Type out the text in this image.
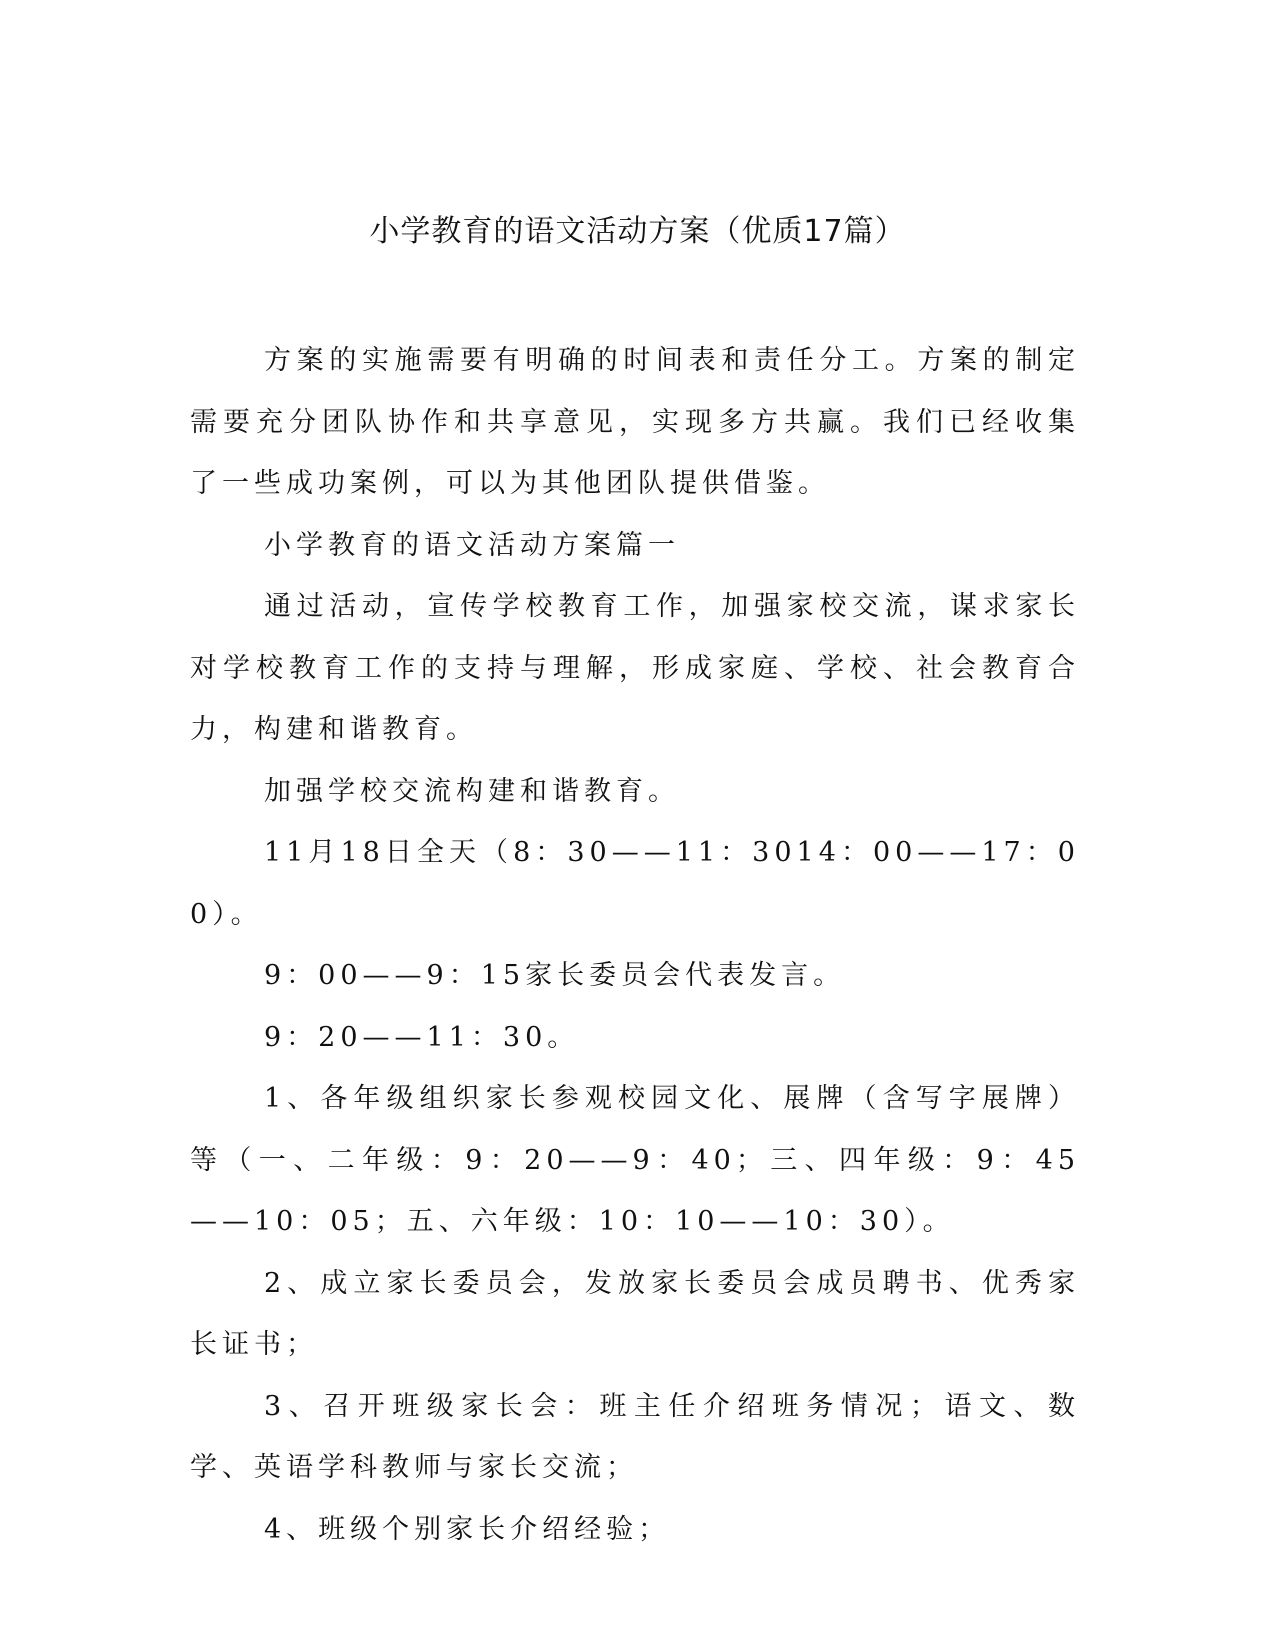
小学教育的语文活动方案（优质17篇）

方案的实施需要有明确的时间表和责任分工。方案的制定需要充分团队协作和共享意见，实现多方共赢。我们已经收集了一些成功案例，可以为其他团队提供借鉴。

小学教育的语文活动方案篇一

通过活动，宣传学校教育工作，加强家校交流，谋求家长对学校教育工作的支持与理解，形成家庭、学校、社会教育合力，构建和谐教育。

加强学校交流构建和谐教育。

11月18日全天（8：30——11：3014：00——17：00）。

9：00——9：15家长委员会代表发言。

9：20——11：30。

1、各年级组织家长参观校园文化、展牌（含写字展牌）等（一、二年级：9：20——9：40；三、四年级：9：45——10：05；五、六年级：10：10——10：30）。

2、成立家长委员会，发放家长委员会成员聘书、优秀家长证书；

3、召开班级家长会：班主任介绍班务情况；语文、数学、英语学科教师与家长交流；

4、班级个别家长介绍经验；
